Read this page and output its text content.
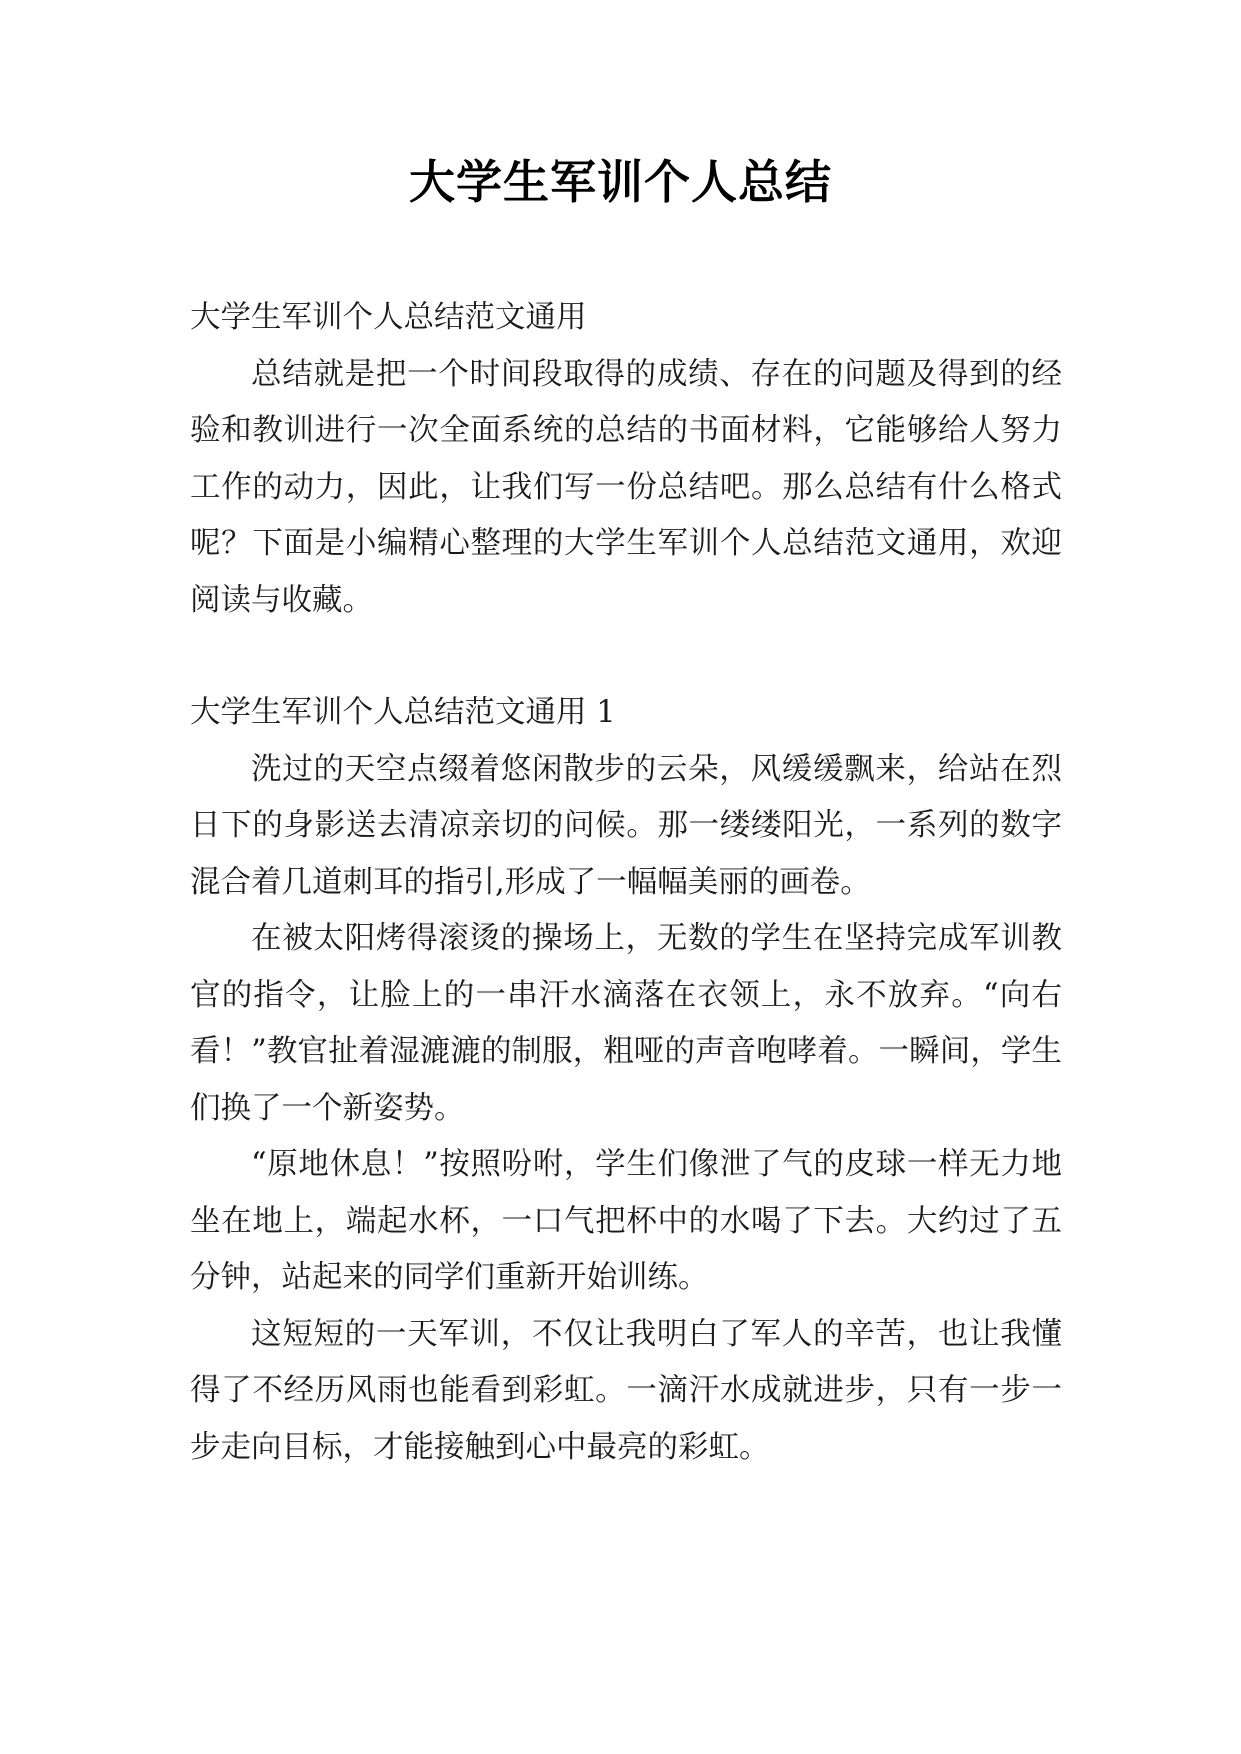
大学生军训个人总结

大学生军训个人总结范文通用

总结就是把一个时间段取得的成绩、存在的问题及得到的经验和教训进行一次全面系统的总结的书面材料，它能够给人努力工作的动力，因此，让我们写一份总结吧。那么总结有什么格式呢？下面是小编精心整理的大学生军训个人总结范文通用，欢迎阅读与收藏。

大学生军训个人总结范文通用 1

洗过的天空点缀着悠闲散步的云朵，风缓缓飘来，给站在烈日下的身影送去清凉亲切的问候。那一缕缕阳光，一系列的数字混合着几道刺耳的指引,形成了一幅幅美丽的画卷。

在被太阳烤得滚烫的操场上，无数的学生在坚持完成军训教官的指令，让脸上的一串汗水滴落在衣领上，永不放弃。“向右看！”教官扯着湿漉漉的制服，粗哑的声音咆哮着。一瞬间，学生们换了一个新姿势。

“原地休息！”按照吩咐，学生们像泄了气的皮球一样无力地坐在地上，端起水杯，一口气把杯中的水喝了下去。大约过了五分钟，站起来的同学们重新开始训练。

这短短的一天军训，不仅让我明白了军人的辛苦，也让我懂得了不经历风雨也能看到彩虹。一滴汗水成就进步，只有一步一步走向目标，才能接触到心中最亮的彩虹。
